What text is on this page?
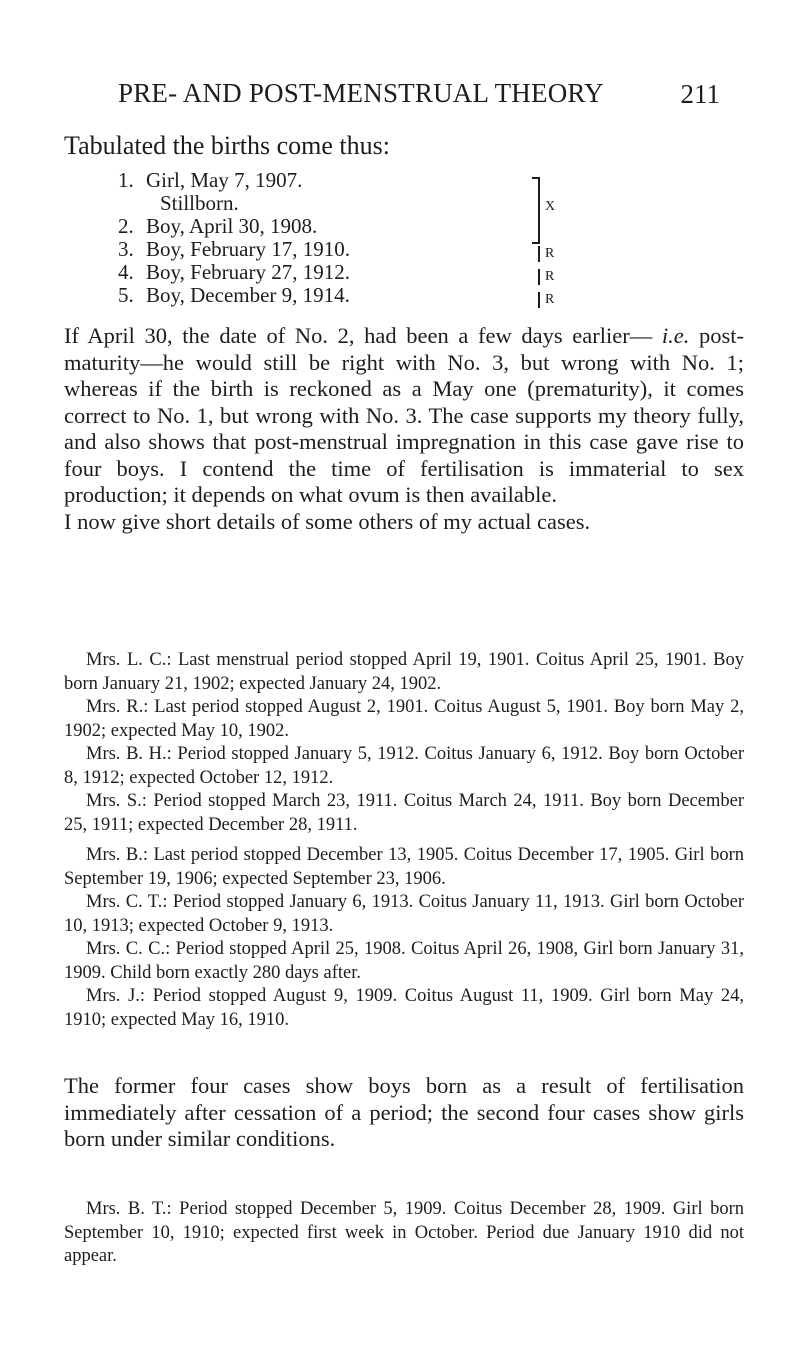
PRE- AND POST-MENSTRUAL THEORY	211
Tabulated the births come thus:
1. Girl, May 7, 1907.
Stillborn.
2. Boy, April 30, 1908.
3. Boy, February 17, 1910.
4. Boy, February 27, 1912.
5. Boy, December 9, 1914.
X
R
R
R

If April 30, the date of No. 2, had been a few days earlier— i.e. post-maturity—he would still be right with No. 3, but wrong with No. 1; whereas if the birth is reckoned as a May one (prematurity), it comes correct to No. 1, but wrong with No. 3. The case supports my theory fully, and also shows that post-menstrual impregnation in this case gave rise to four boys. I contend the time of fertilisation is immaterial to sex production; it depends on what ovum is then available.

I now give short details of some others of my actual cases.

Mrs. L. C.: Last menstrual period stopped April 19, 1901. Coitus April 25, 1901. Boy born January 21, 1902; expected January 24, 1902.

Mrs. R.: Last period stopped August 2, 1901. Coitus August 5, 1901. Boy born May 2, 1902; expected May 10, 1902.

Mrs. B. H.: Period stopped January 5, 1912. Coitus January 6, 1912. Boy born October 8, 1912; expected October 12, 1912.

Mrs. S.: Period stopped March 23, 1911. Coitus March 24, 1911. Boy born December 25, 1911; expected December 28, 1911.

Mrs. B.: Last period stopped December 13, 1905. Coitus December 17, 1905. Girl born September 19, 1906; expected September 23, 1906.

Mrs. C. T.: Period stopped January 6, 1913. Coitus January 11, 1913. Girl born October 10, 1913; expected October 9, 1913.

Mrs. C. C.: Period stopped April 25, 1908. Coitus April 26, 1908, Girl born January 31, 1909. Child born exactly 280 days after.

Mrs. J.: Period stopped August 9, 1909. Coitus August 11, 1909. Girl born May 24, 1910; expected May 16, 1910.

The former four cases show boys born as a result of fertilisation immediately after cessation of a period; the second four cases show girls born under similar conditions.

Mrs. B. T.: Period stopped December 5, 1909. Coitus December 28, 1909. Girl born September 10, 1910; expected first week in October. Period due January 1910 did not appear.
